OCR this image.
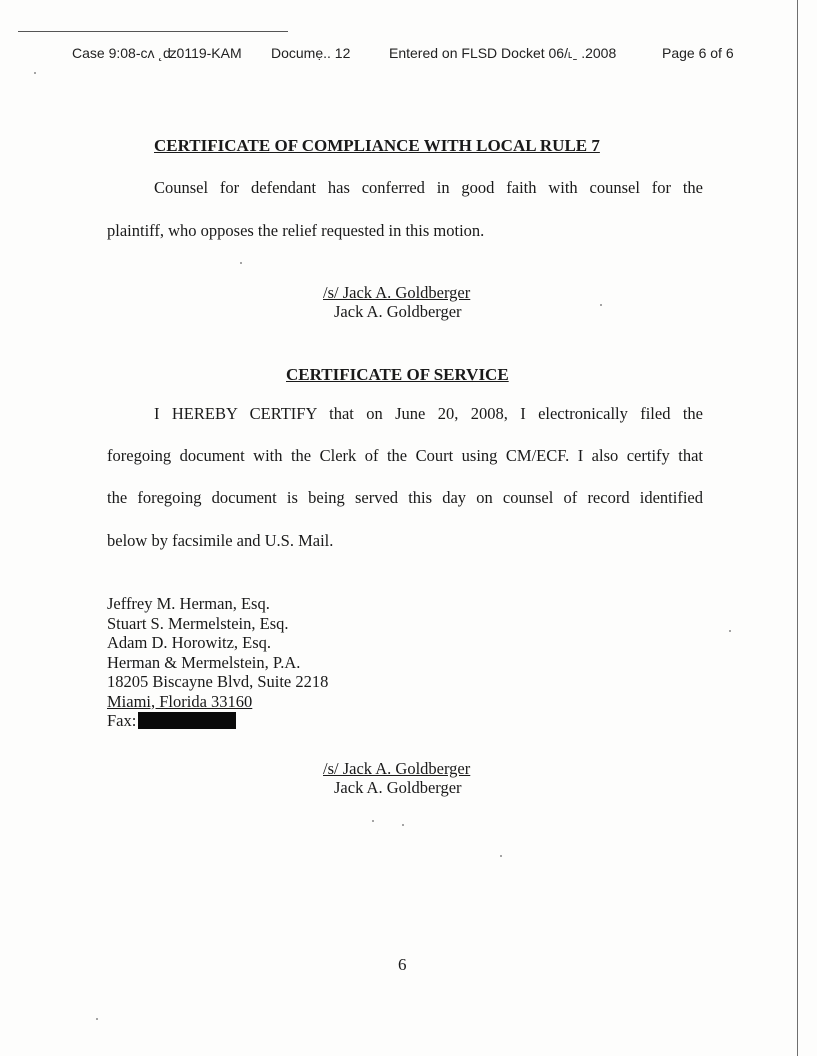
Case 9:08-cʌ ˛ʣ0119-KAM Documẹ.. 12	Entered on FLSD Docket 06/˪ˍ .2008	Page 6 of 6
CERTIFICATE OF COMPLIANCE WITH LOCAL RULE 7
Counsel for defendant has conferred in good faith with counsel for the
plaintiff, who opposes the relief requested in this motion.
/s/ Jack A. Goldberger
Jack A. Goldberger
CERTIFICATE OF SERVICE
I HEREBY CERTIFY that on June 20, 2008, I electronically filed the
foregoing document with the Clerk of the Court using CM/ECF. I also certify that
the foregoing document is being served this day on counsel of record identified
below by facsimile and U.S. Mail.
Jeffrey M. Herman, Esq.
Stuart S. Mermelstein, Esq.
Adam D. Horowitz, Esq.
Herman & Mermelstein, P.A.
18205 Biscayne Blvd, Suite 2218
Miami, Florida 33160
Fax:
/s/ Jack A. Goldberger
Jack A. Goldberger
6
